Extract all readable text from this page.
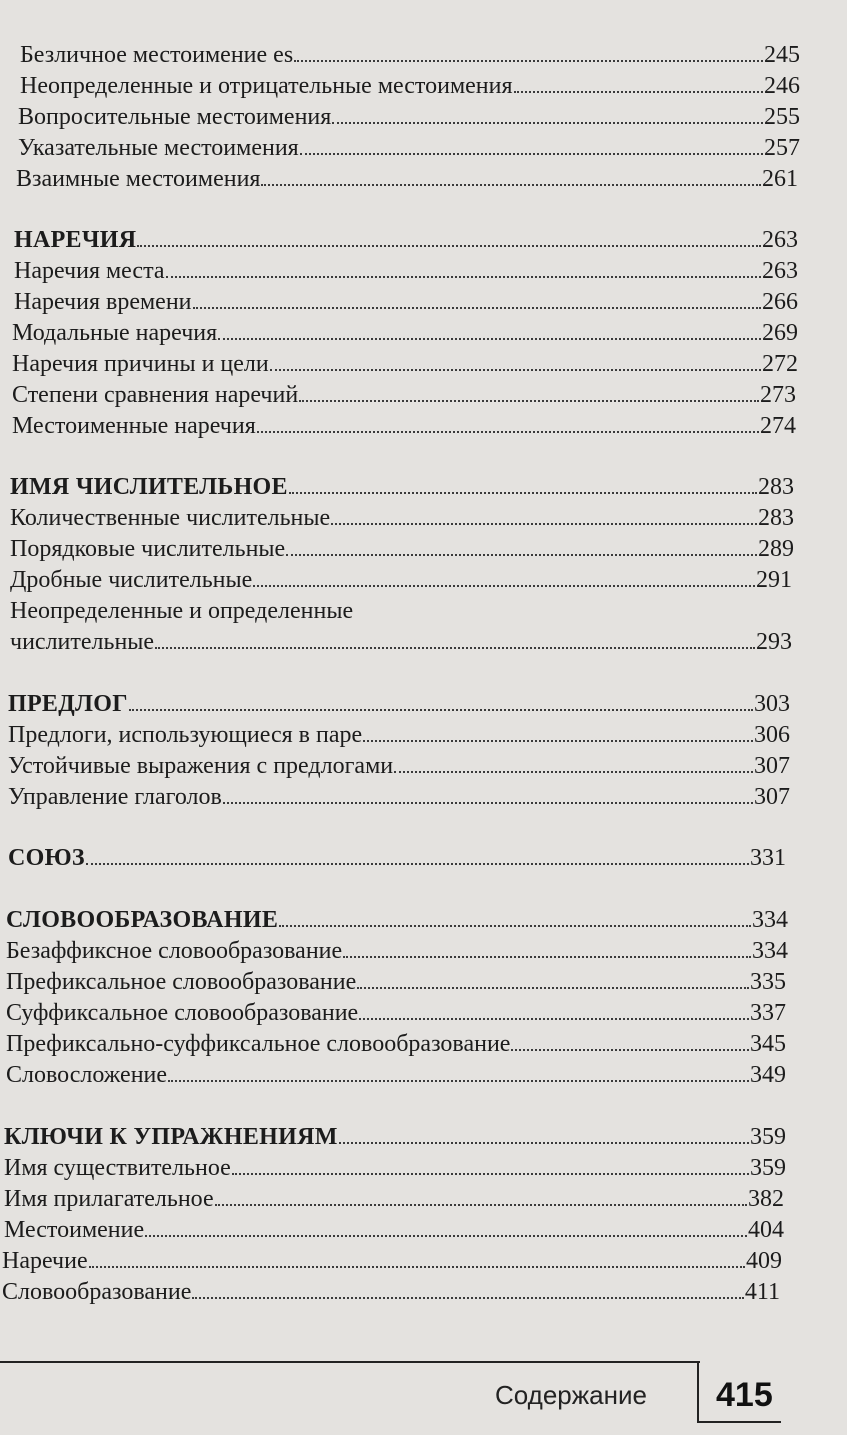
Безличное местоимение es	245
Неопределенные и отрицательные местоимения	246
Вопросительные местоимения	255
Указательные местоимения	257
Взаимные местоимения	261
НАРЕЧИЯ	263
Наречия места	263
Наречия времени	266
Модальные наречия	269
Наречия причины и цели	272
Степени сравнения наречий	273
Местоименные наречия	274
ИМЯ ЧИСЛИТЕЛЬНОЕ	283
Количественные числительные	283
Порядковые числительные	289
Дробные числительные	291
Неопределенные и определенные
числительные	293
ПРЕДЛОГ	303
Предлоги, использующиеся в паре	306
Устойчивые выражения с предлогами	307
Управление глаголов	307
СОЮЗ	331
СЛОВООБРАЗОВАНИЕ	334
Безаффиксное словообразование	334
Префиксальное словообразование	335
Суффиксальное словообразование	337
Префиксально-суффиксальное словообразование	345
Словосложение	349
КЛЮЧИ К УПРАЖНЕНИЯМ	359
Имя существительное	359
Имя прилагательное	382
Местоимение	404
Наречие	409
Словообразование	411
Содержание 415
